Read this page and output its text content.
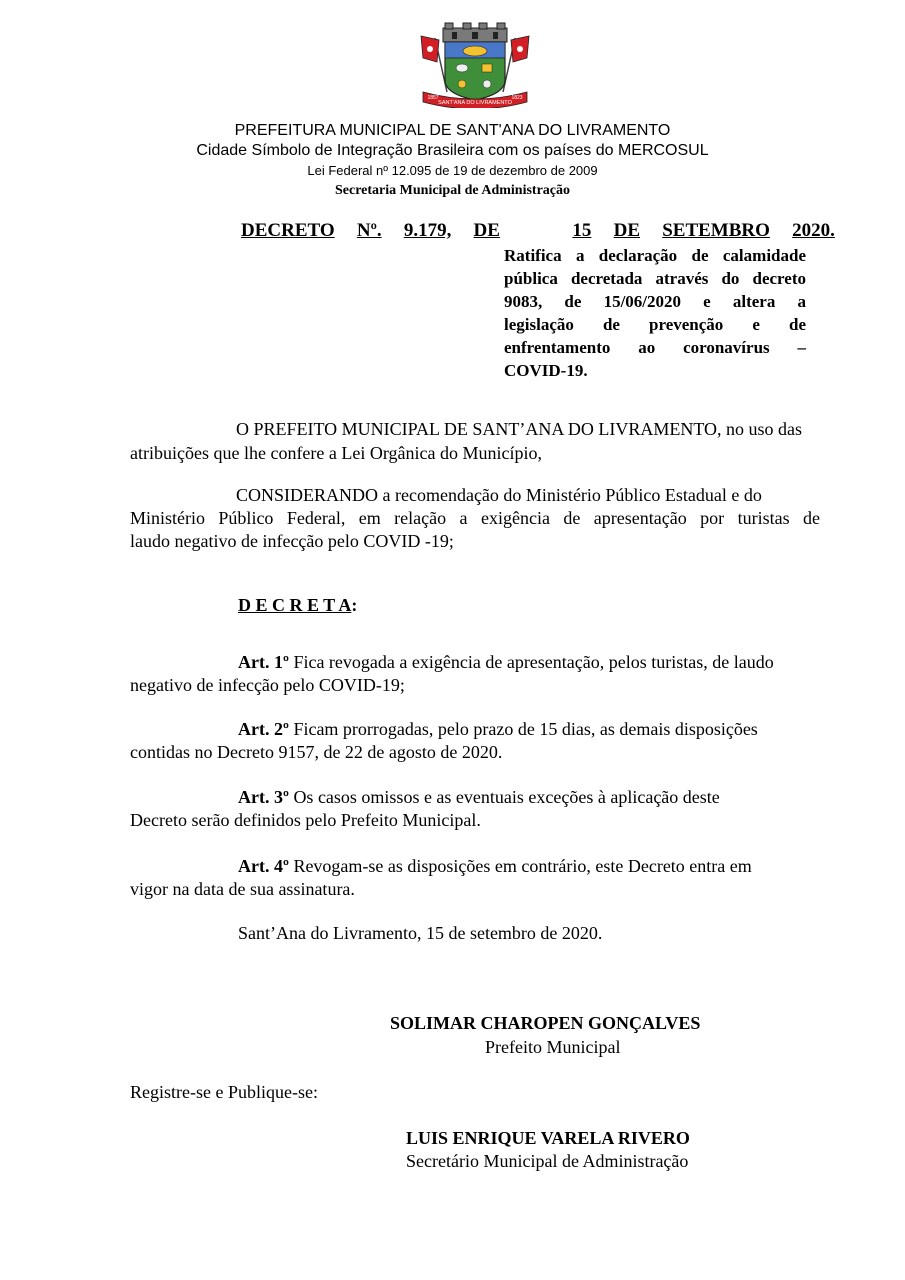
SANT'ANA DO LIVRAMENTO
1857	1823
PREFEITURA MUNICIPAL DE SANT'ANA DO LIVRAMENTO
Cidade Símbolo de Integração Brasileira com os países do MERCOSUL
Lei Federal nº 12.095 de 19 de dezembro de 2009
Secretaria Municipal de Administração
DECRETO Nº. 9.179, DE	15 DE SETEMBRO 2020.
Ratifica a declaração de calamidade
pública decretada através do decreto
9083, de 15/06/2020 e altera a
legislação de prevenção e de
enfrentamento ao coronavírus –
COVID-19.
O PREFEITO MUNICIPAL DE SANT’ANA DO LIVRAMENTO, no uso das
atribuições que lhe confere a Lei Orgânica do Município,
CONSIDERANDO a recomendação do Ministério Público Estadual e do
Ministério Público Federal, em relação a exigência de apresentação por turistas de
laudo negativo de infecção pelo COVID -19;
D E C R E T A:
Art. 1º Fica revogada a exigência de apresentação, pelos turistas, de laudo
negativo de infecção pelo COVID-19;
Art. 2º Ficam prorrogadas, pelo prazo de 15 dias, as demais disposições
contidas no Decreto 9157, de 22 de agosto de 2020.
Art. 3º Os casos omissos e as eventuais exceções à aplicação deste
Decreto serão definidos pelo Prefeito Municipal.
Art. 4º Revogam-se as disposições em contrário, este Decreto entra em
vigor na data de sua assinatura.
Sant’Ana do Livramento, 15 de setembro de 2020.
SOLIMAR CHAROPEN GONÇALVES
Prefeito Municipal
Registre-se e Publique-se:
LUIS ENRIQUE VARELA RIVERO
Secretário Municipal de Administração
